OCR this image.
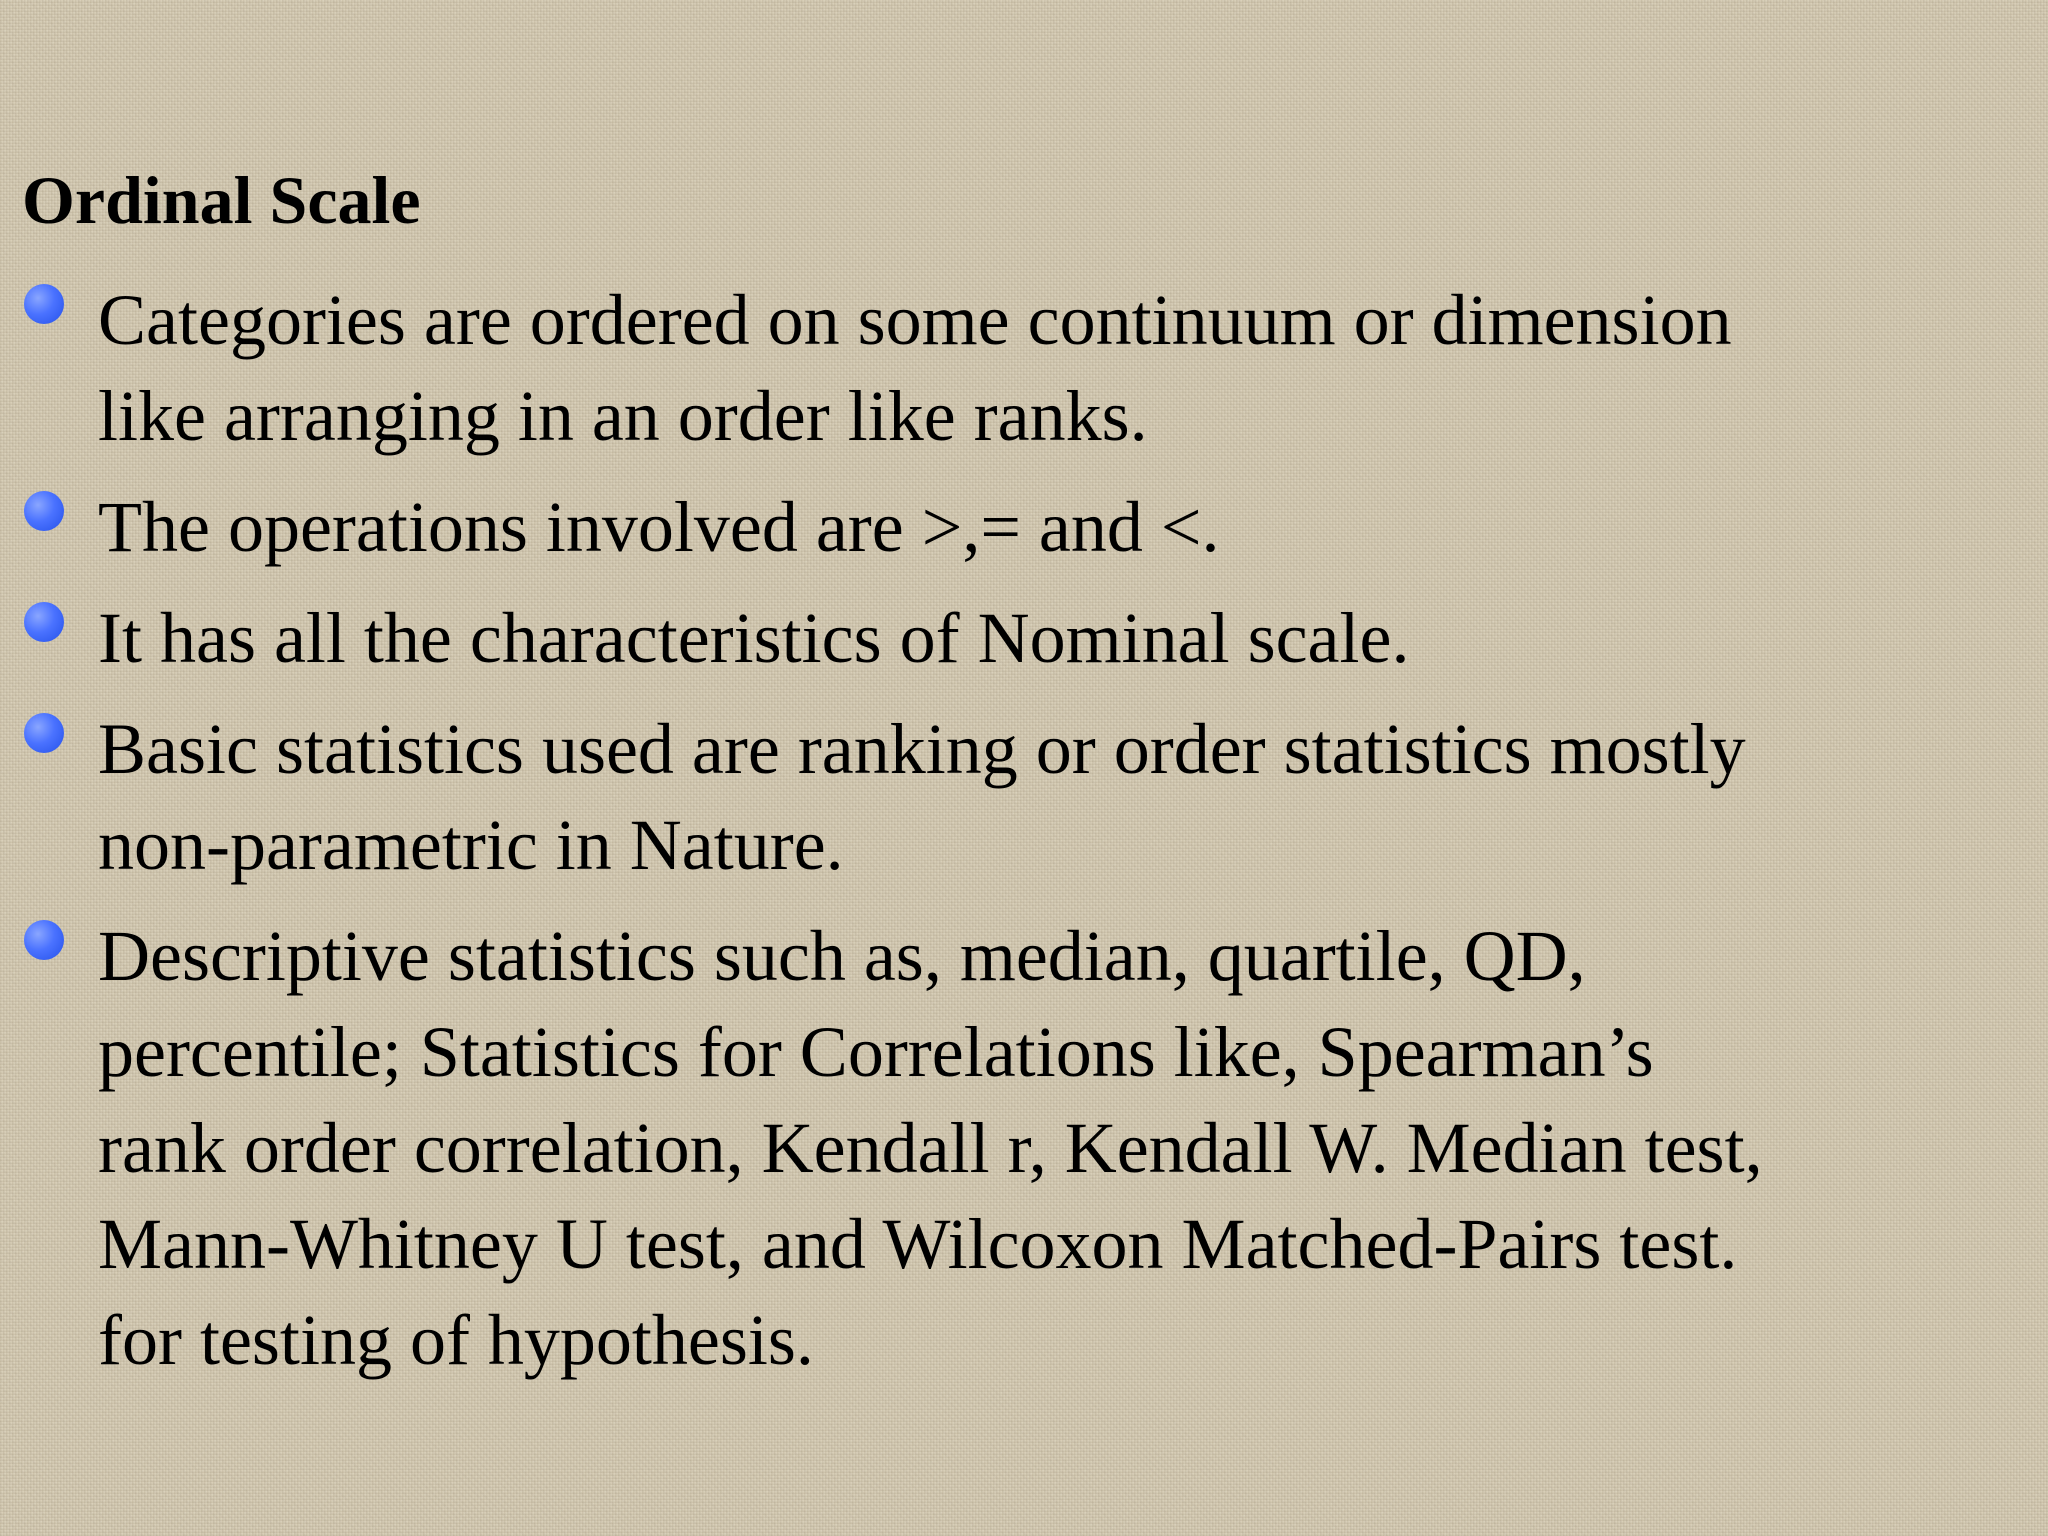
Ordinal Scale
Categories are ordered on some continuum or dimension
like arranging in an order like ranks.
The operations involved are >,= and <.
It has all the characteristics of Nominal scale.
Basic statistics used are ranking or order statistics mostly
non-parametric in Nature.
Descriptive statistics such as, median, quartile, QD,
percentile; Statistics for Correlations like, Spearman’s
rank order correlation, Kendall r, Kendall W. Median test,
Mann-Whitney U test, and Wilcoxon Matched-Pairs test.
for testing of hypothesis.
